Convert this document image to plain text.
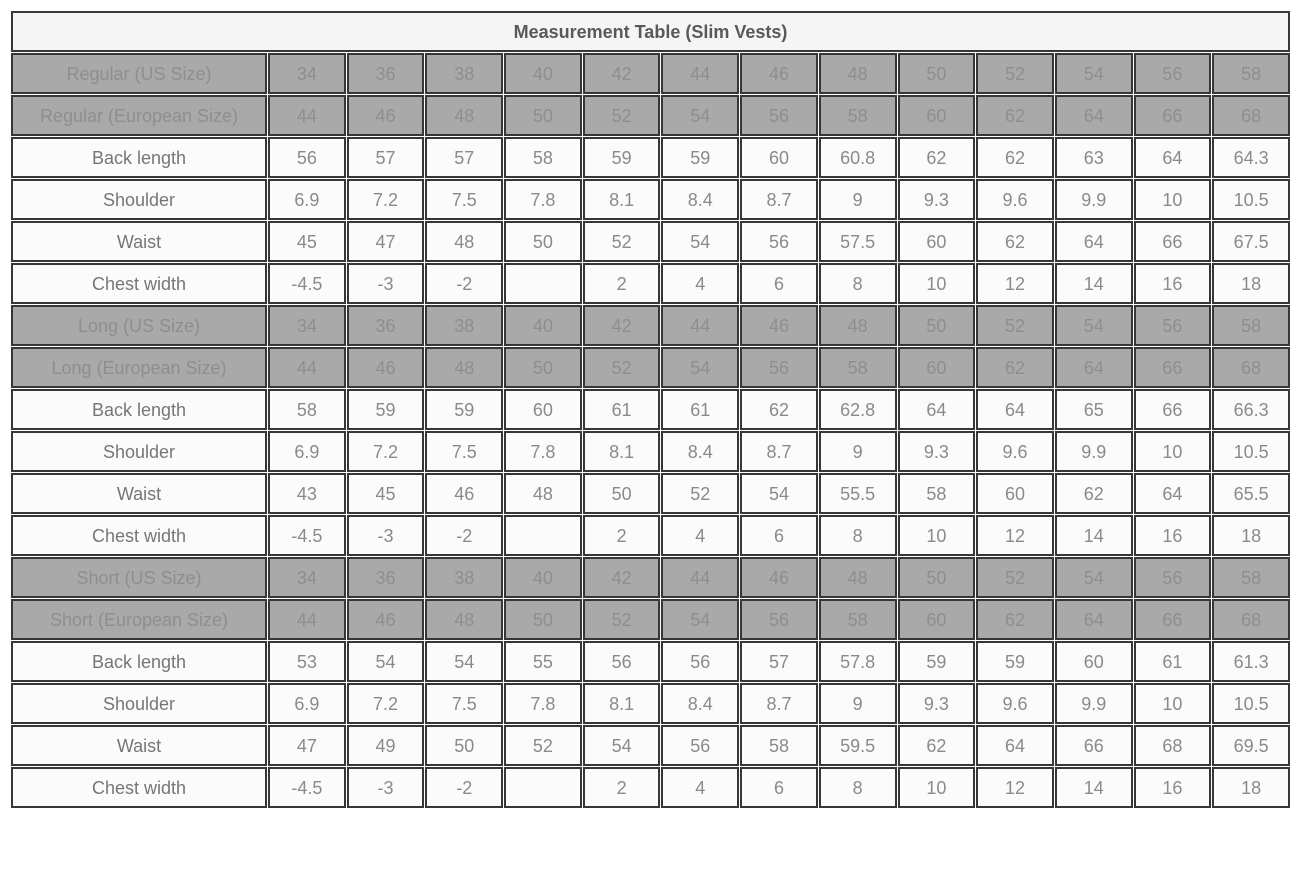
Measurement Table (Slim Vests)													
Regular (US Size)	34	36	38	40	42	44	46	48	50	52	54	56	58
Regular (European Size)	44	46	48	50	52	54	56	58	60	62	64	66	68
Back length	56	57	57	58	59	59	60	60.8	62	62	63	64	64.3
Shoulder	6.9	7.2	7.5	7.8	8.1	8.4	8.7	9	9.3	9.6	9.9	10	10.5
Waist	45	47	48	50	52	54	56	57.5	60	62	64	66	67.5
Chest width	-4.5	-3	-2		2	4	6	8	10	12	14	16	18
Long (US Size)	34	36	38	40	42	44	46	48	50	52	54	56	58
Long (European Size)	44	46	48	50	52	54	56	58	60	62	64	66	68
Back length	58	59	59	60	61	61	62	62.8	64	64	65	66	66.3
Shoulder	6.9	7.2	7.5	7.8	8.1	8.4	8.7	9	9.3	9.6	9.9	10	10.5
Waist	43	45	46	48	50	52	54	55.5	58	60	62	64	65.5
Chest width	-4.5	-3	-2		2	4	6	8	10	12	14	16	18
Short (US Size)	34	36	38	40	42	44	46	48	50	52	54	56	58
Short (European Size)	44	46	48	50	52	54	56	58	60	62	64	66	68
Back length	53	54	54	55	56	56	57	57.8	59	59	60	61	61.3
Shoulder	6.9	7.2	7.5	7.8	8.1	8.4	8.7	9	9.3	9.6	9.9	10	10.5
Waist	47	49	50	52	54	56	58	59.5	62	64	66	68	69.5
Chest width	-4.5	-3	-2		2	4	6	8	10	12	14	16	18
